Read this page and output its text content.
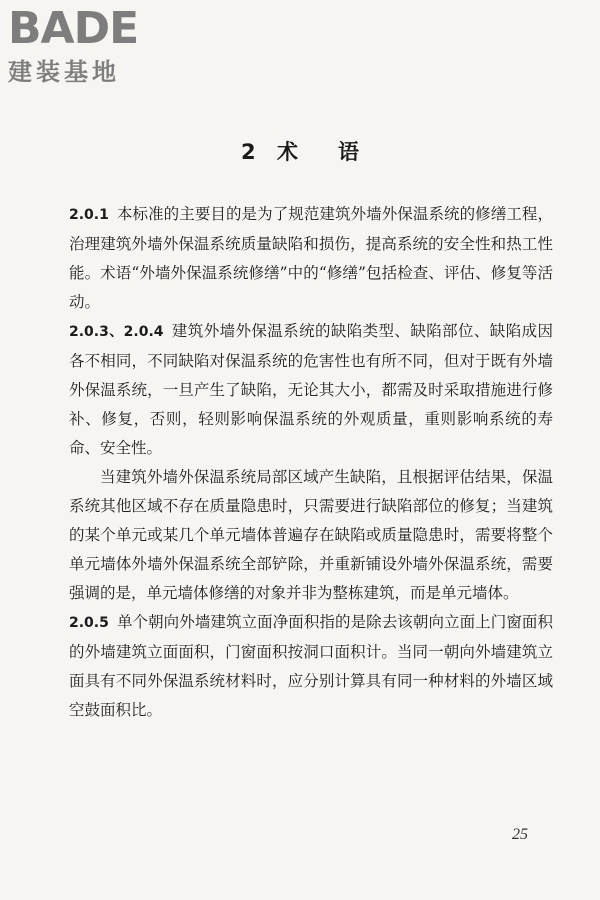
BADE
建装基地
2 术语

2.0.1 本标准的主要目的是为了规范建筑外墙外保温系统的修缮工程，治理建筑外墙外保温系统质量缺陷和损伤，提高系统的安全性和热工性能。术语“外墙外保温系统修缮”中的“修缮”包括检查、评估、修复等活动。

2.0.3、2.0.4 建筑外墙外保温系统的缺陷类型、缺陷部位、缺陷成因各不相同，不同缺陷对保温系统的危害性也有所不同，但对于既有外墙外保温系统，一旦产生了缺陷，无论其大小，都需及时采取措施进行修补、修复，否则，轻则影响保温系统的外观质量，重则影响系统的寿命、安全性。

当建筑外墙外保温系统局部区域产生缺陷，且根据评估结果，保温系统其他区域不存在质量隐患时，只需要进行缺陷部位的修复；当建筑的某个单元或某几个单元墙体普遍存在缺陷或质量隐患时，需要将整个单元墙体外墙外保温系统全部铲除，并重新铺设外墙外保温系统，需要强调的是，单元墙体修缮的对象并非为整栋建筑，而是单元墙体。

2.0.5 单个朝向外墙建筑立面净面积指的是除去该朝向立面上门窗面积的外墙建筑立面面积，门窗面积按洞口面积计。当同一朝向外墙建筑立面具有不同外保温系统材料时，应分别计算具有同一种材料的外墙区域空鼓面积比。

25
